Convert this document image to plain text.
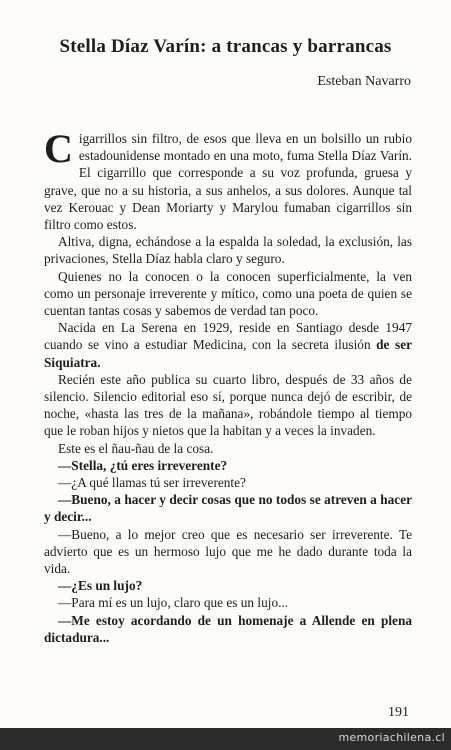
Stella Díaz Varín: a trancas y barrancas
Esteban Navarro

Cigarrillos sin filtro, de esos que lleva en un bolsillo un rubio estadounidense montado en una moto, fuma Stella Díaz Varín. El cigarrillo que corresponde a su voz profunda, gruesa y grave, que no a su historia, a sus anhelos, a sus dolores. Aunque tal vez Kerouac y Dean Moriarty y Marylou fumaban cigarrillos sin filtro como estos.

Altiva, digna, echándose a la espalda la soledad, la exclusión, las privaciones, Stella Díaz habla claro y seguro.

Quienes no la conocen o la conocen superficialmente, la ven como un personaje irreverente y mítico, como una poeta de quien se cuentan tantas cosas y sabemos de verdad tan poco.

Nacida en La Serena en 1929, reside en Santiago desde 1947 cuando se vino a estudiar Medicina, con la secreta ilusión de ser Siquiatra.

Recién este año publica su cuarto libro, después de 33 años de silencio. Silencio editorial eso sí, porque nunca dejó de escribir, de noche, «hasta las tres de la mañana», robándole tiempo al tiempo que le roban hijos y nietos que la habitan y a veces la invaden.

Este es el ñau-ñau de la cosa.

—Stella, ¿tú eres irreverente?

—¿A qué llamas tú ser irreverente?

—Bueno, a hacer y decir cosas que no todos se atreven a hacer y decir...

—Bueno, a lo mejor creo que es necesario ser irreverente. Te advierto que es un hermoso lujo que me he dado durante toda la vida.

—¿Es un lujo?

—Para mí es un lujo, claro que es un lujo...

—Me estoy acordando de un homenaje a Allende en plena dictadura...

191
memoriachilena.cl
